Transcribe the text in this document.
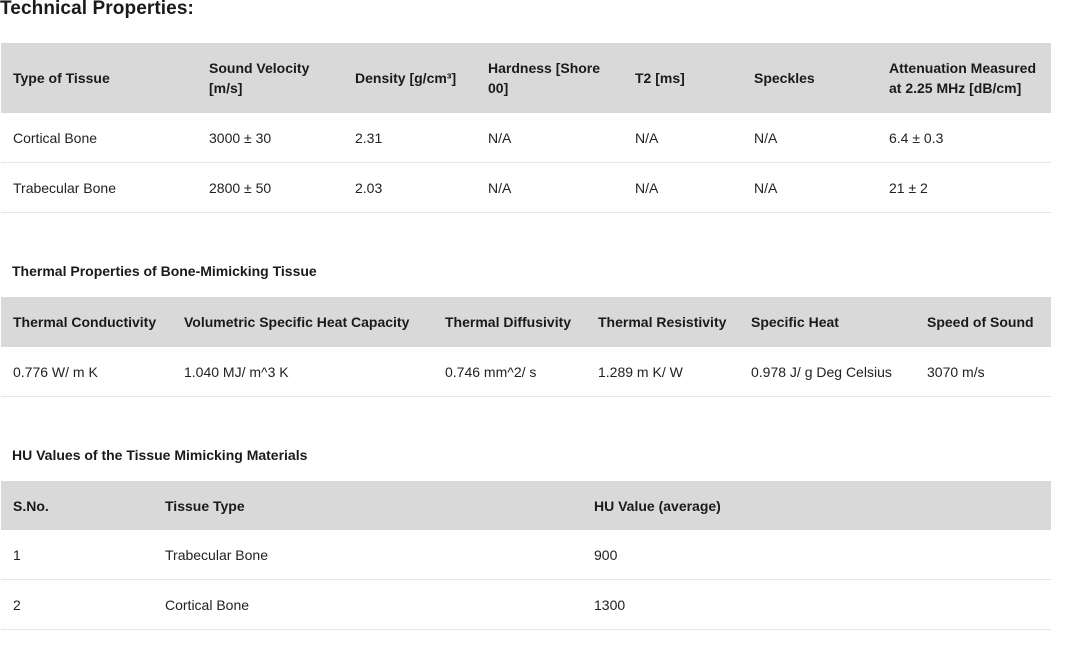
Technical Properties:
Type of Tissue	Sound Velocity [m/s]	Density [g/cm³]	Hardness [Shore 00]	T2 [ms]	Speckles	Attenuation Measured at 2.25 MHz [dB/cm]
Cortical Bone	3000 ± 30	2.31	N/A	N/A	N/A	6.4 ± 0.3
Trabecular Bone	2800 ± 50	2.03	N/A	N/A	N/A	21 ± 2
Thermal Properties of Bone-Mimicking Tissue
Thermal Conductivity	Volumetric Specific Heat Capacity	Thermal Diffusivity	Thermal Resistivity	Specific Heat	Speed of Sound
0.776 W/ m K	1.040 MJ/ m^3 K	0.746 mm^2/ s	1.289 m K/ W	0.978 J/ g Deg Celsius	3070 m/s
HU Values of the Tissue Mimicking Materials
S.No.	Tissue Type	HU Value (average)
1	Trabecular Bone	900
2	Cortical Bone	1300
